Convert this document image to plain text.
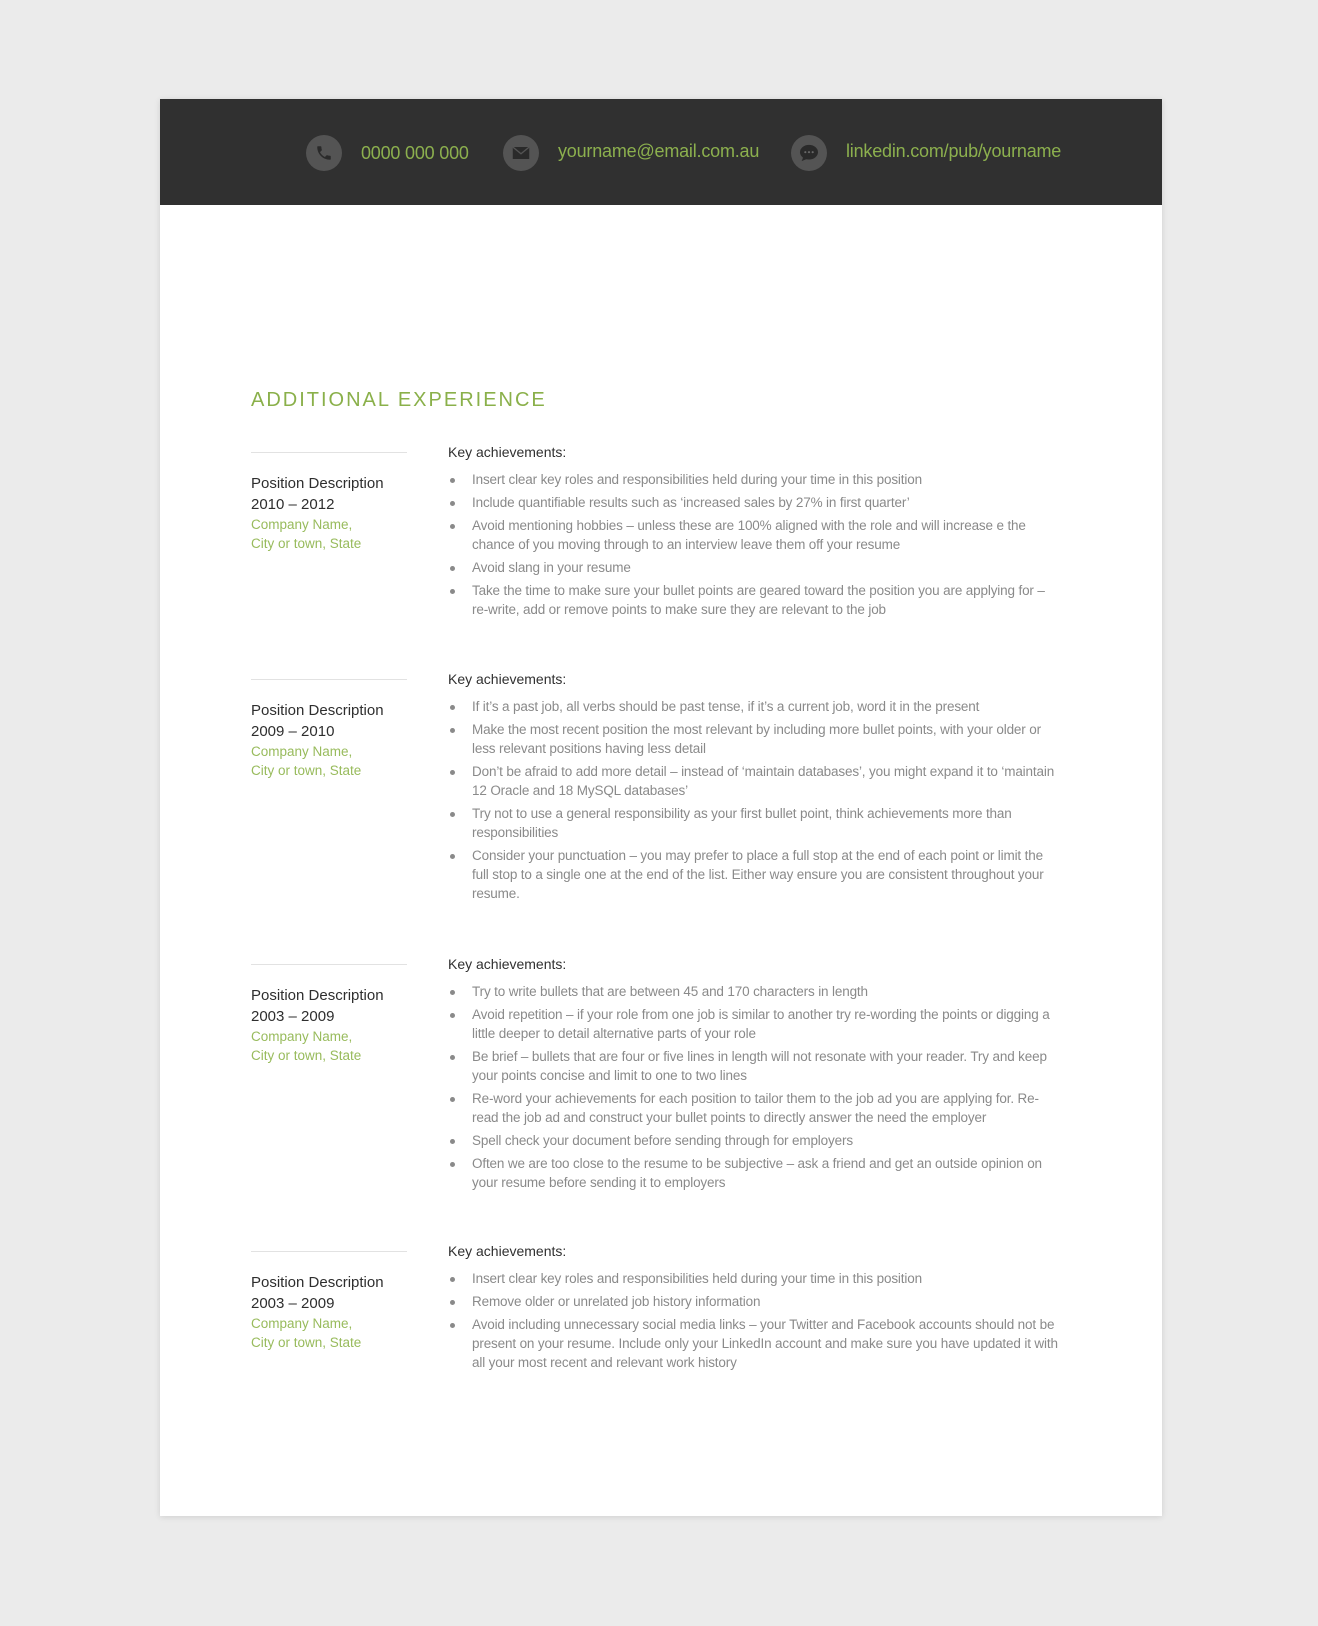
0000 000 000	yourname@email.com.au	linkedin.com/pub/yourname
ADDITIONAL EXPERIENCE
Position Description
2010 – 2012
Company Name,
City or town, State

Key achievements:

Insert clear key roles and responsibilities held during your time in this position
Include quantifiable results such as ‘increased sales by 27% in first quarter’
Avoid mentioning hobbies – unless these are 100% aligned with the role and will increase e the chance of you moving through to an interview leave them off your resume
Avoid slang in your resume
Take the time to make sure your bullet points are geared toward the position you are applying for – re-write, add or remove points to make sure they are relevant to the job
Position Description
2009 – 2010
Company Name,
City or town, State

Key achievements:

If it’s a past job, all verbs should be past tense, if it’s a current job, word it in the present
Make the most recent position the most relevant by including more bullet points, with your older or less relevant positions having less detail
Don’t be afraid to add more detail – instead of ‘maintain databases’, you might expand it to ‘maintain 12 Oracle and 18 MySQL databases’
Try not to use a general responsibility as your first bullet point, think achievements more than responsibilities
Consider your punctuation – you may prefer to place a full stop at the end of each point or limit the full stop to a single one at the end of the list. Either way ensure you are consistent throughout your resume.
Position Description
2003 – 2009
Company Name,
City or town, State

Key achievements:

Try to write bullets that are between 45 and 170 characters in length
Avoid repetition – if your role from one job is similar to another try re-wording the points or digging a little deeper to detail alternative parts of your role
Be brief – bullets that are four or five lines in length will not resonate with your reader. Try and keep your points concise and limit to one to two lines
Re-word your achievements for each position to tailor them to the job ad you are applying for. Re-read the job ad and construct your bullet points to directly answer the need the employer
Spell check your document before sending through for employers
Often we are too close to the resume to be subjective – ask a friend and get an outside opinion on your resume before sending it to employers
Position Description
2003 – 2009
Company Name,
City or town, State

Key achievements:

Insert clear key roles and responsibilities held during your time in this position
Remove older or unrelated job history information
Avoid including unnecessary social media links – your Twitter and Facebook accounts should not be present on your resume. Include only your LinkedIn account and make sure you have updated it with all your most recent and relevant work history
